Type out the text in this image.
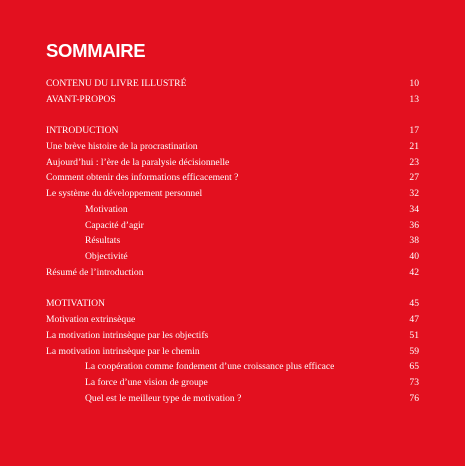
SOMMAIRE
CONTENU DU LIVRE ILLUSTRÉ	10
AVANT-PROPOS	13
INTRODUCTION	17
Une brève histoire de la procrastination	21
Aujourd’hui : l’ère de la paralysie décisionnelle	23
Comment obtenir des informations efficacement ?	27
Le système du développement personnel	32
Motivation	34
Capacité d’agir	36
Résultats	38
Objectivité	40
Résumé de l’introduction	42
MOTIVATION	45
Motivation extrinsèque	47
La motivation intrinsèque par les objectifs	51
La motivation intrinsèque par le chemin	59
La coopération comme fondement d’une croissance plus efficace	65
La force d’une vision de groupe	73
Quel est le meilleur type de motivation ?	76
